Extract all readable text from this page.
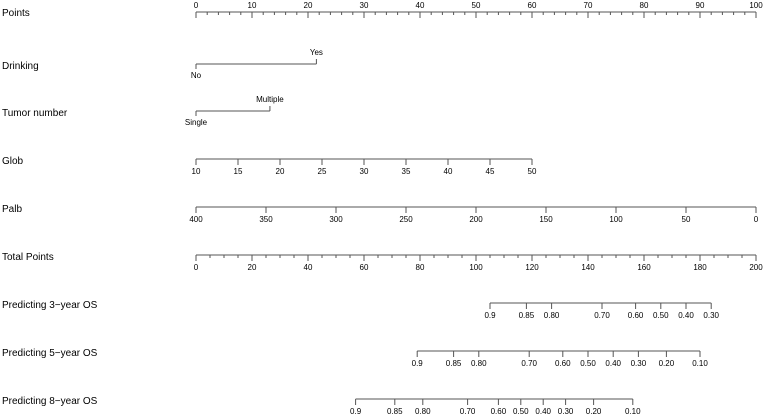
Points
0	10	20	30	40	50	60	70	80	90	100
Drinking
No
Yes
Tumor number
Single
Multiple
Glob
10	15	20	25	30	35	40	45	50
Palb
400	350	300	250	200	150	100	50	0
Total Points
0	20	40	60	80	100	120	140	160	180	200
Predicting 3−year OS
0.9	0.85 0.80	0.70 0.60 0.50 0.40 0.30
Predicting 5−year OS
0.9	0.85 0.80	0.70 0.60 0.50 0.40 0.30 0.20 0.10
Predicting 8−year OS
0.9	0.85 0.80	0.70 0.60 0.50 0.40 0.30 0.20	0.10
